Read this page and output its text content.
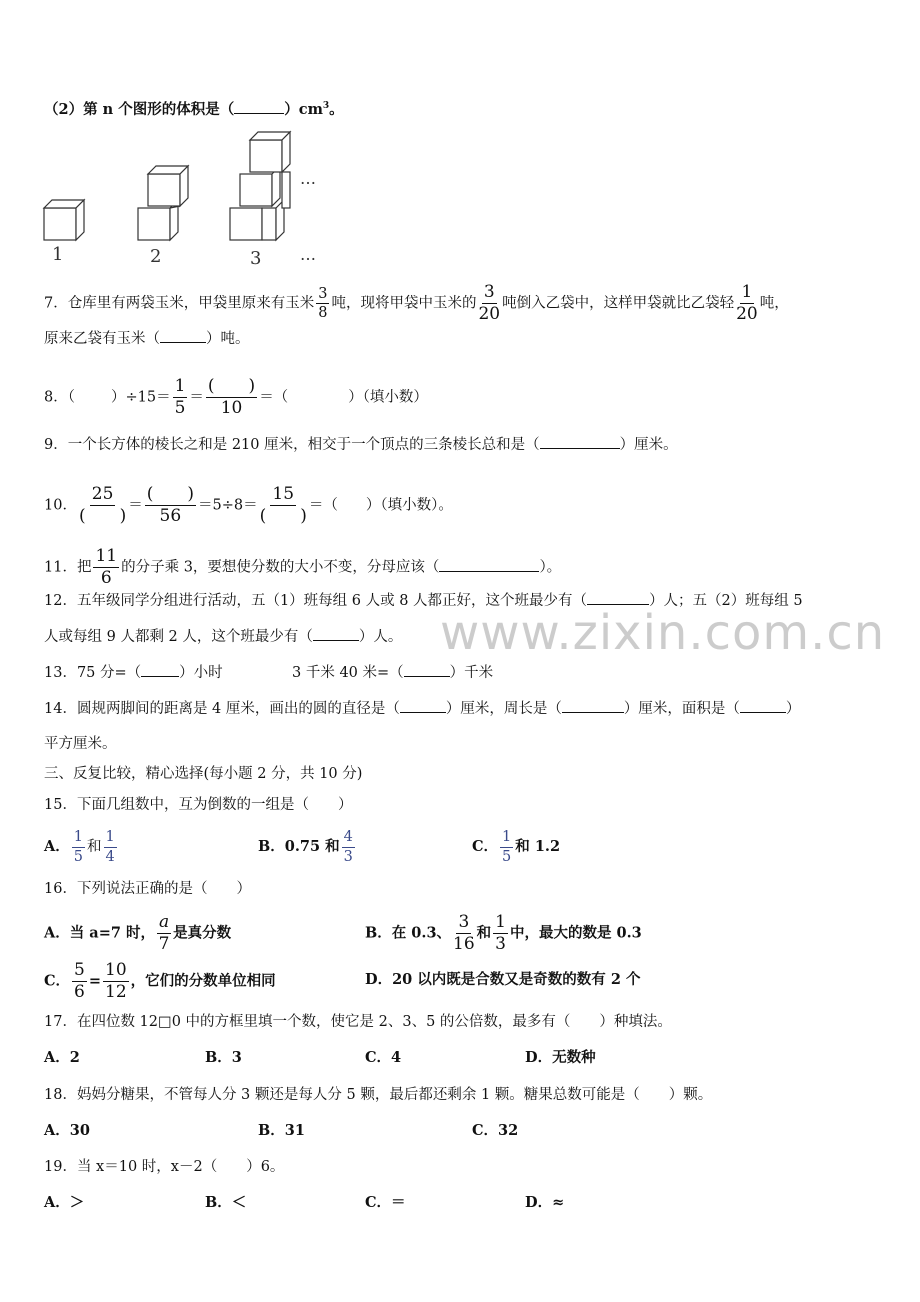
（2）第 n 个图形的体积是（	）$cm^3$。
1	2	3
…
…
7．仓库里有两袋玉米，甲袋里原来有玉米 $\frac{3}{8}$ 吨，现将甲袋中玉米的 $\frac{3}{20}$ 吨倒入乙袋中，这样甲袋就比乙袋轻 $\frac{1}{20}$ 吨，
原来乙袋有玉米（	）吨。
8．（ ）$\div 15= \frac{1}{5} = \frac{( )}{10}$ ＝（	）（填小数）
9．一个长方体的棱长之和是 210 厘米，相交于一个顶点的三条棱长总和是（	）厘米。
10． $\frac{25}{( )} = \frac{( )}{56} =5\div 8= \frac{15}{( )}$ ＝（ ）（填小数）。
11．把 $\frac{11}{6}$ 的分子乘 3，要想使分数的大小不变，分母应该（	）。
12．五年级同学分组进行活动，五（1）班每组 6 人或 8 人都正好，这个班最少有（	）人；五（2）班每组 5
人或每组 9 人都剩 2 人，这个班最少有（	）人。 www.zixin.com.cn
13．75 分=（	）小时	3 千米 40 米=（	）千米
14．圆规两脚间的距离是 4 厘米，画出的圆的直径是（	）厘米，周长是（	）厘米，面积是（	）
平方厘米。
三、反复比较，精心选择(每小题 2 分，共 10 分)
15．下面几组数中，互为倒数的一组是（　　）
A． $\frac{1}{5}$ 和 $\frac{1}{4}$	B．0.75 和 $\frac{4}{3}$	C． $\frac{1}{5}$ 和 1.2
16．下列说法正确的是（　　）
A．当 a=7 时， $\frac{a}{7}$ 是真分数	B．在 0.3、 $\frac{3}{16}$ 和 $\frac{1}{3}$ 中，最大的数是 0.3
C． $\frac{5}{6} = \frac{10}{12}$ ，它们的分数单位相同	D．20 以内既是合数又是奇数的数有 2 个
17．在四位数 12□0 中的方框里填一个数，使它是 2、3、5 的公倍数，最多有（　　）种填法。
A．2	B．3	C．4	D．无数种
18．妈妈分糖果，不管每人分 3 颗还是每人分 5 颗，最后都还剩余 1 颗。糖果总数可能是（　　）颗。
A．30	B．31	C．32
19．当 x＝10 时，x－2（　　）6。
A．＞	B．＜	C．＝	D．≈
